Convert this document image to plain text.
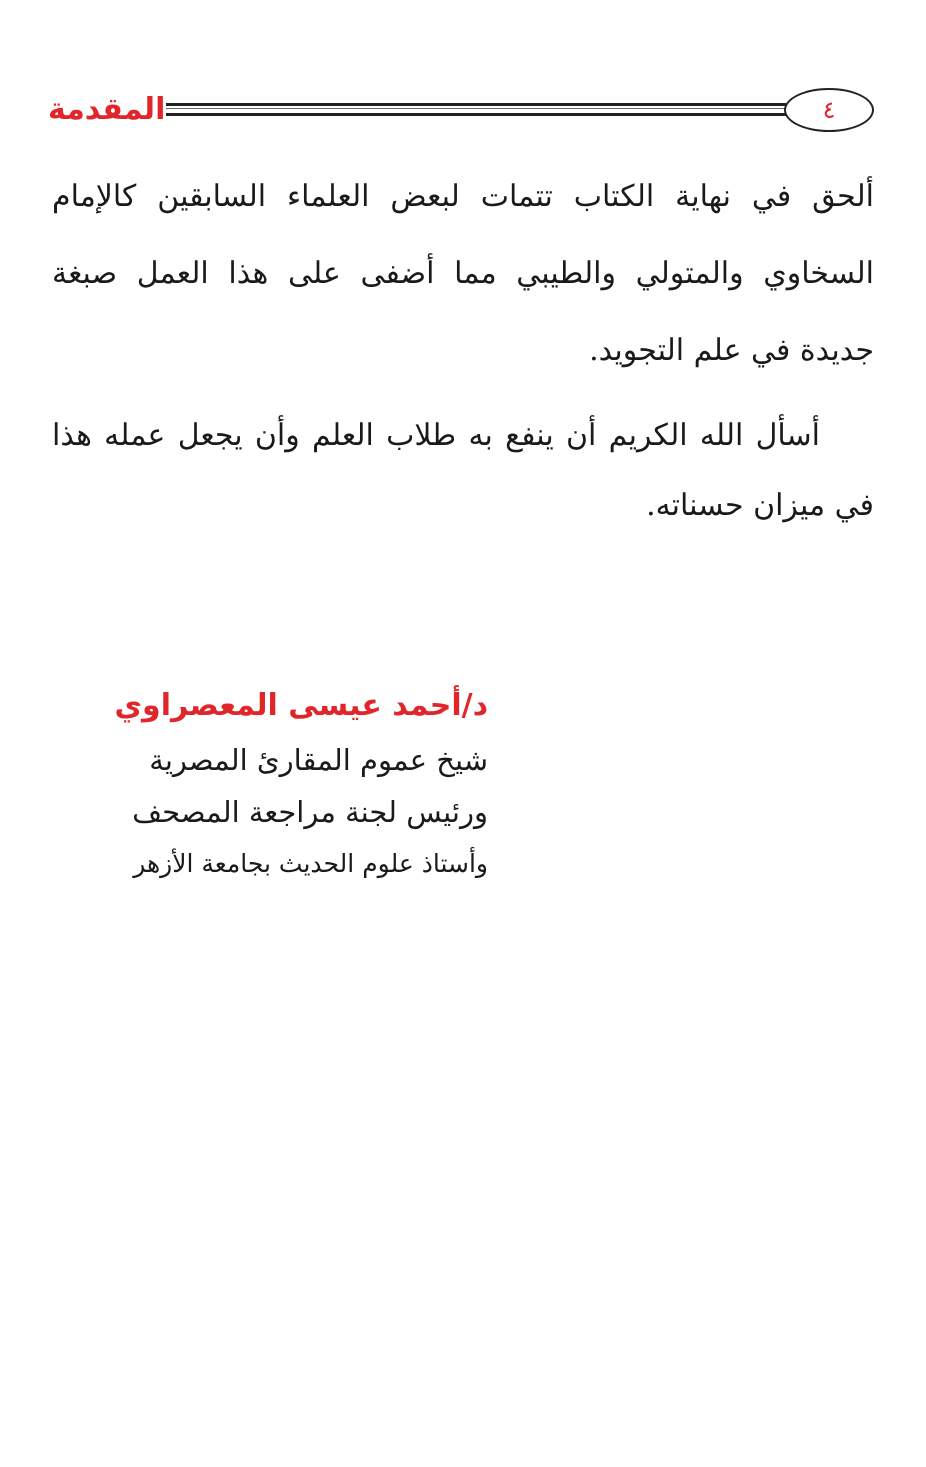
المقدمة	٤

ألحق في نهاية الكتاب تتمات لبعض العلماء السابقين كالإمام السخاوي والمتولي والطيبي مما أضفى على هذا العمل صبغة جديدة في علم التجويد.

أسأل الله الكريم أن ينفع به طلاب العلم وأن يجعل عمله هذا في ميزان حسناته.

د/أحمد عيسى المعصراوي
شيخ عموم المقارئ المصرية
ورئيس لجنة مراجعة المصحف
وأستاذ علوم الحديث بجامعة الأزهر
